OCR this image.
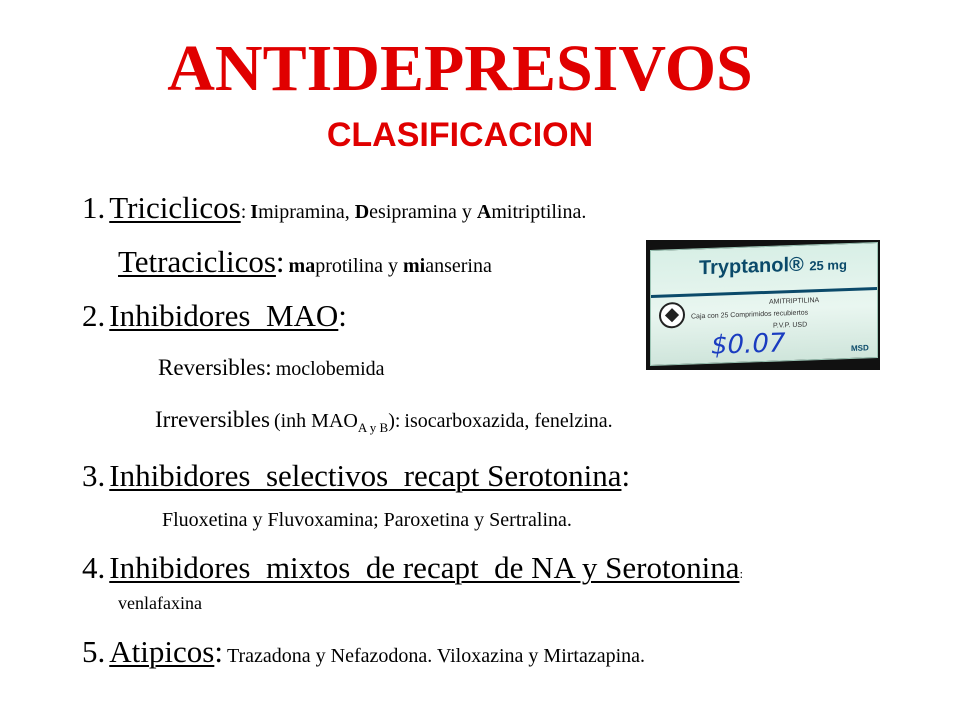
ANTIDEPRESIVOS
CLASIFICACION
1. Triciclicos: Imipramina, Desipramina y Amitriptilina.
Tetraciclicos: maprotilina y mianserina
2. Inhibidores  MAO:
Reversibles: moclobemida
Irreversibles (inh $MAO_{A y B}$): isocarboxazida, fenelzina.
3. Inhibidores  selectivos  recapt Serotonina:
Fluoxetina y Fluvoxamina; Paroxetina y Sertralina.
4. Inhibidores  mixtos  de recapt  de NA y Serotonina:
venlafaxina
5. Atipicos: Trazadona y Nefazodona. Viloxazina y Mirtazapina.
Tryptanol® 25 mg
AMITRIPTILINA
Caja con 25 Comprimidos recubiertos
P.V.P. USD
$0.07	MSD
